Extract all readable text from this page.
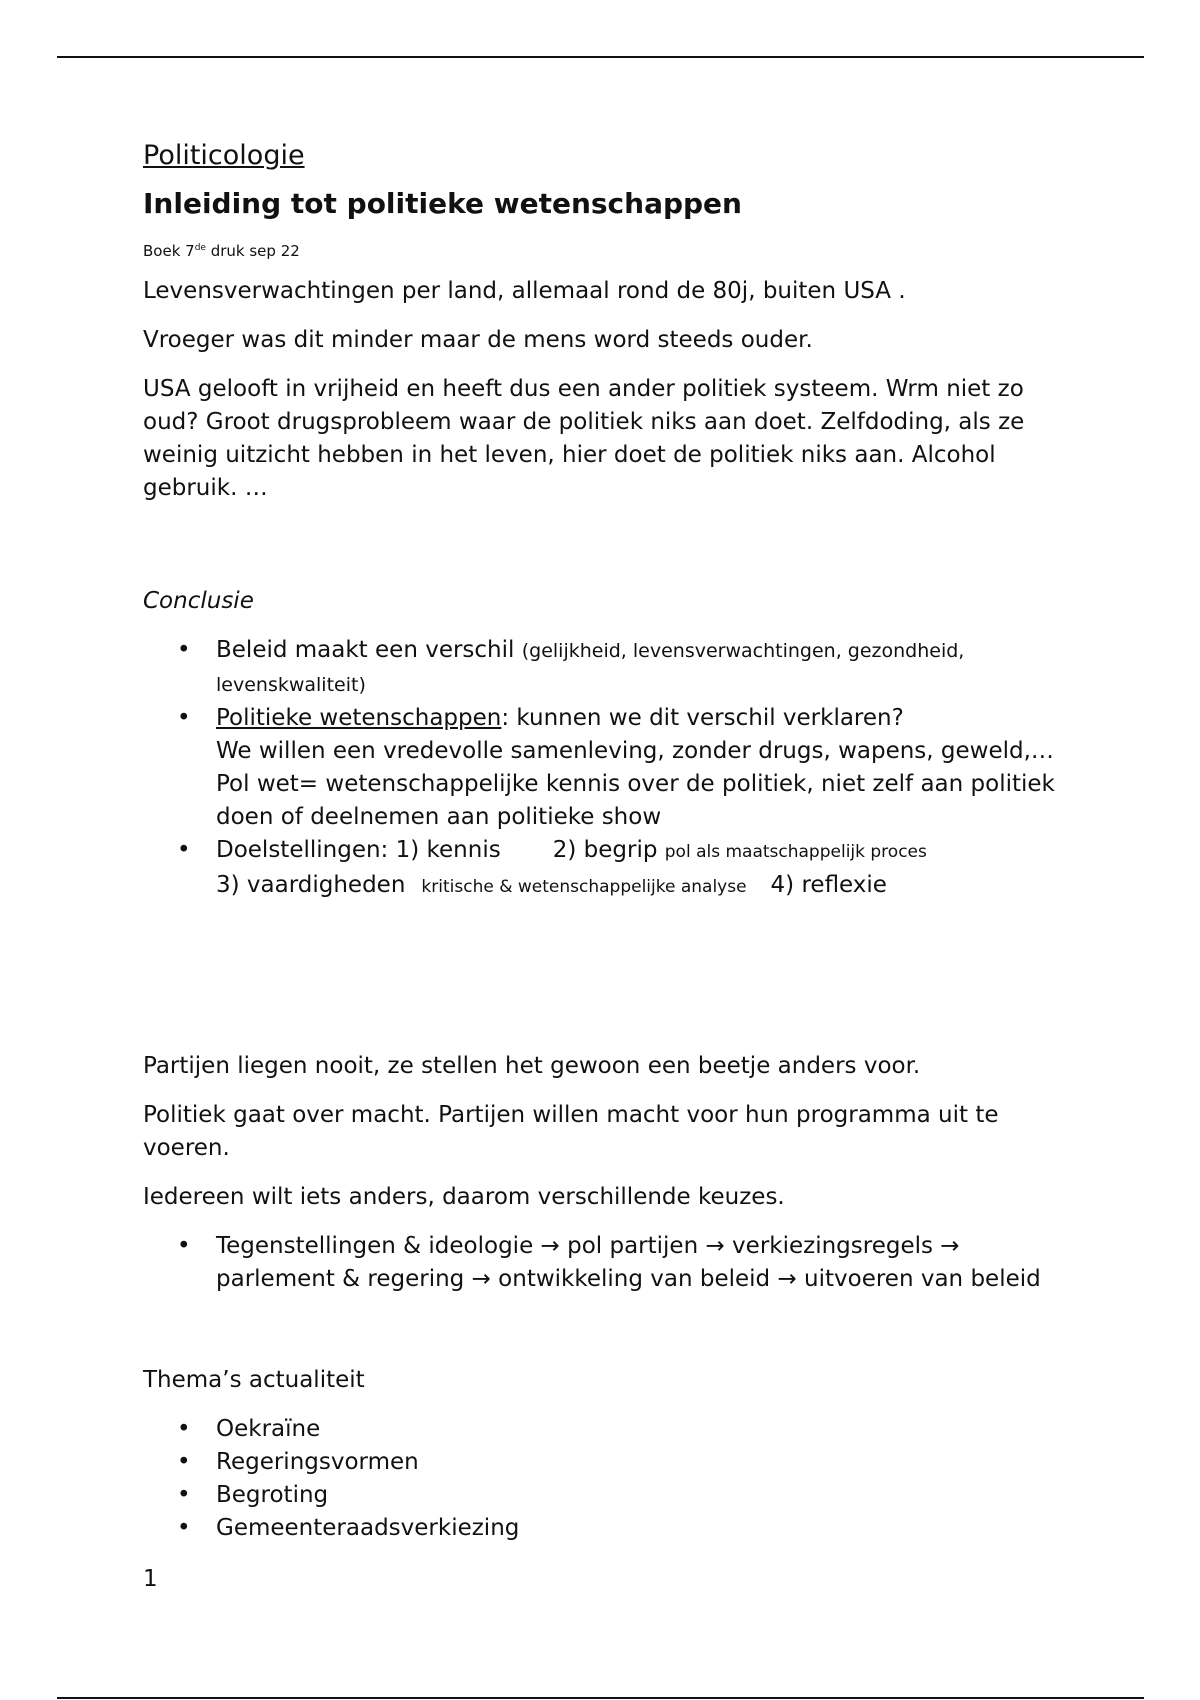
Politicologie
Inleiding tot politieke wetenschappen
Boek 7de druk sep 22

Levensverwachtingen per land, allemaal rond de 80j, buiten USA .

Vroeger was dit minder maar de mens word steeds ouder.

USA gelooft in vrijheid en heeft dus een ander politiek systeem. Wrm niet zo oud? Groot drugsprobleem waar de politiek niks aan doet. Zelfdoding, als ze weinig uitzicht hebben in het leven, hier doet de politiek niks aan. Alcohol gebruik. …

Conclusie

• Beleid maakt een verschil (gelijkheid, levensverwachtingen, gezondheid, levenskwaliteit)
• Politieke wetenschappen: kunnen we dit verschil verklaren?
We willen een vredevolle samenleving, zonder drugs, wapens, geweld,…
Pol wet= wetenschappelijke kennis over de politiek, niet zelf aan politiek doen of deelnemen aan politieke show
• Doelstellingen: 1) kennis 2) begrip pol als maatschappelijk proces
3) vaardigheden kritische & wetenschappelijke analyse 4) reflexie

Partijen liegen nooit, ze stellen het gewoon een beetje anders voor.

Politiek gaat over macht. Partijen willen macht voor hun programma uit te voeren.

Iedereen wilt iets anders, daarom verschillende keuzes.

• Tegenstellingen & ideologie → pol partijen → verkiezingsregels → parlement & regering → ontwikkeling van beleid → uitvoeren van beleid

Thema’s actualiteit

• Oekraïne
• Regeringsvormen
• Begroting
• Gemeenteraadsverkiezing

1
